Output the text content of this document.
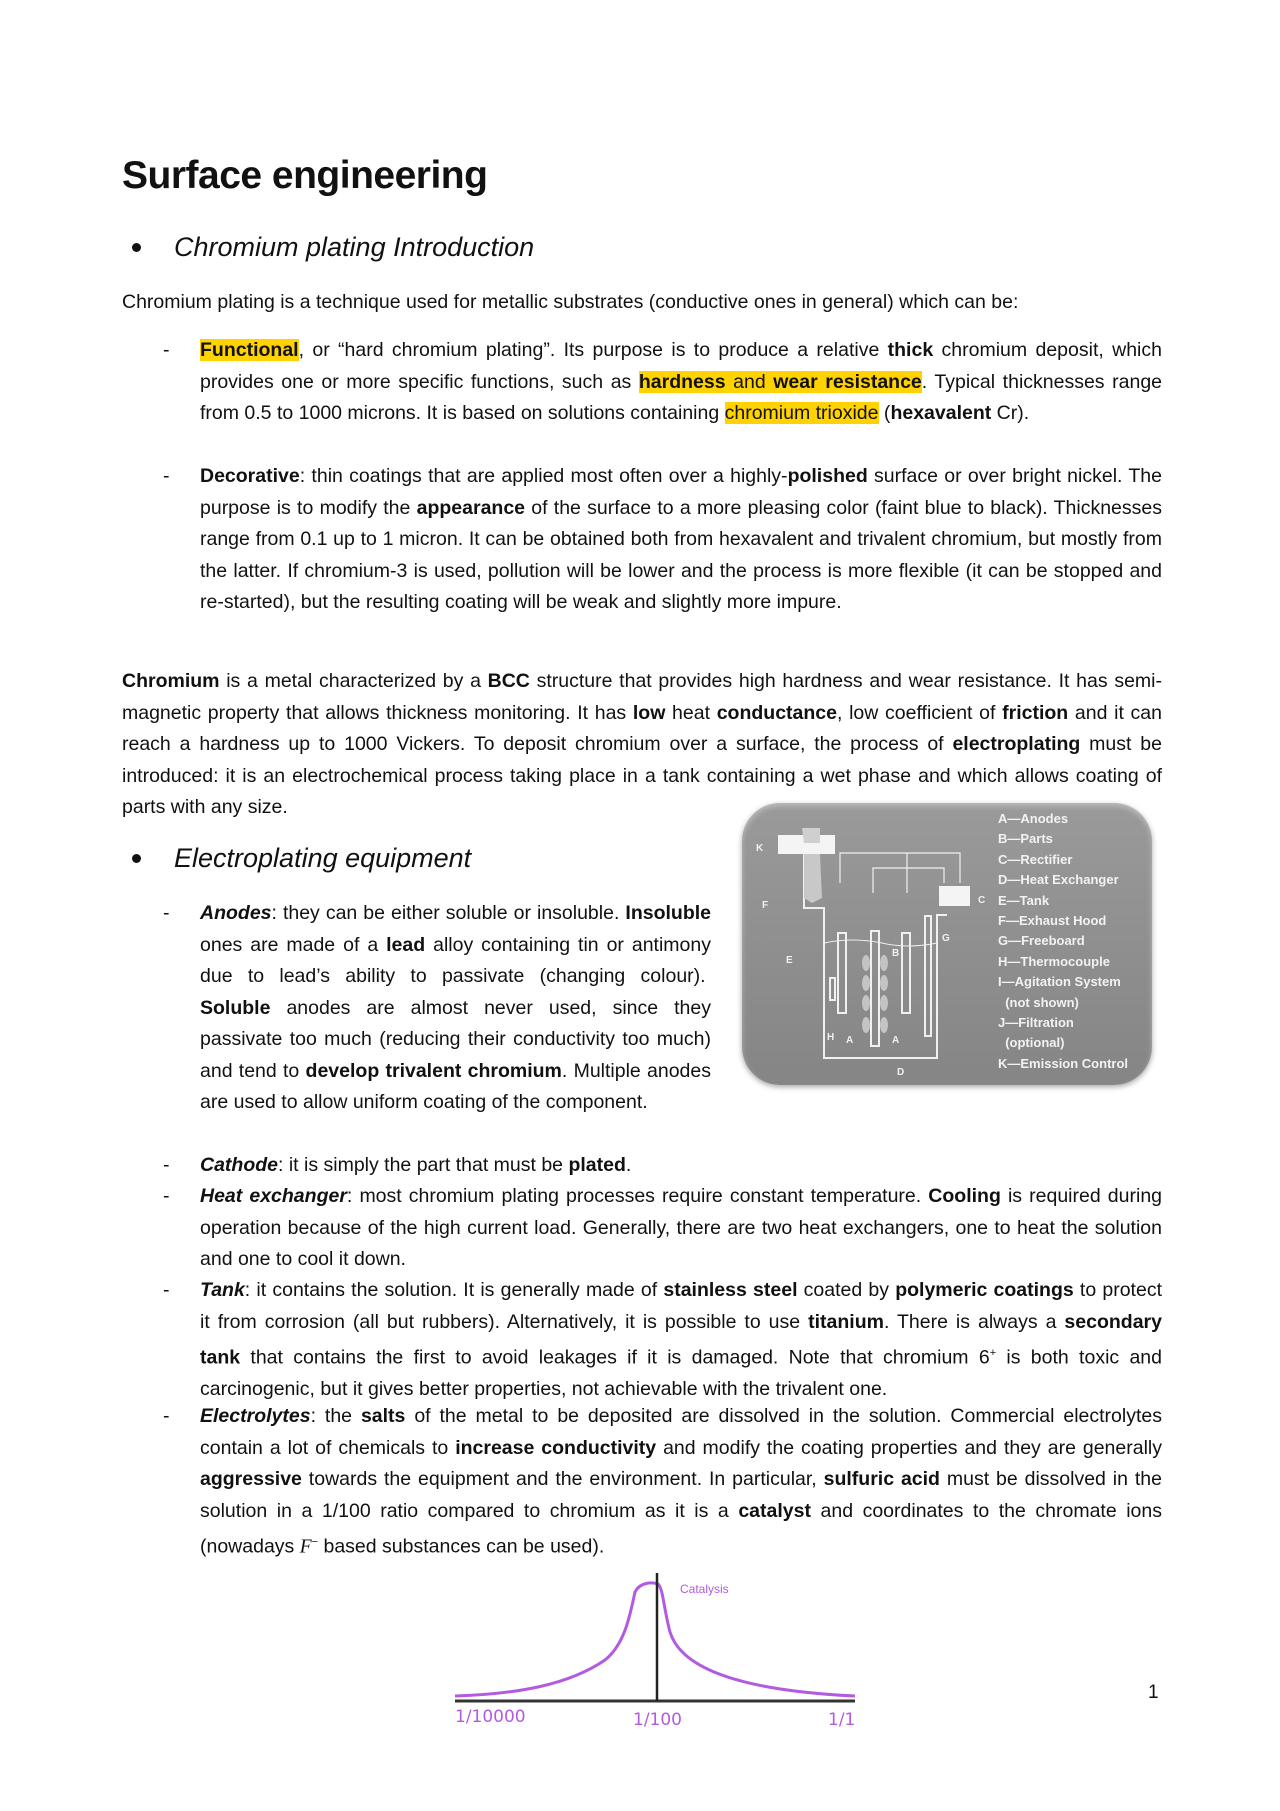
Surface engineering
Chromium plating Introduction
Chromium plating is a technique used for metallic substrates (conductive ones in general) which can be:
- Functional, or “hard chromium plating”. Its purpose is to produce a relative thick chromium deposit, which provides one or more specific functions, such as hardness and wear resistance. Typical thicknesses range from 0.5 to 1000 microns. It is based on solutions containing chromium trioxide (hexavalent Cr).
- Decorative: thin coatings that are applied most often over a highly-polished surface or over bright nickel. The purpose is to modify the appearance of the surface to a more pleasing color (faint blue to black). Thicknesses range from 0.1 up to 1 micron. It can be obtained both from hexavalent and trivalent chromium, but mostly from the latter. If chromium-3 is used, pollution will be lower and the process is more flexible (it can be stopped and re-started), but the resulting coating will be weak and slightly more impure.
Chromium is a metal characterized by a BCC structure that provides high hardness and wear resistance. It has semi-magnetic property that allows thickness monitoring. It has low heat conductance, low coefficient of friction and it can reach a hardness up to 1000 Vickers. To deposit chromium over a surface, the process of electroplating must be introduced: it is an electrochemical process taking place in a tank containing a wet phase and which allows coating of parts with any size.
Electroplating equipment
- Anodes: they can be either soluble or insoluble. Insoluble ones are made of a lead alloy containing tin or antimony due to lead’s ability to passivate (changing colour).  Soluble anodes are almost never used, since they passivate too much (reducing their conductivity too much) and tend to develop trivalent chromium. Multiple anodes are used to allow uniform coating of the component.
K
F
E
C
G
B
H A	A
D
A—Anodes
B—Parts
C—Rectifier
D—Heat Exchanger
E—Tank
F—Exhaust Hood
G—Freeboard
H—Thermocouple
I—Agitation System
(not shown)
J—Filtration
(optional)
K—Emission Control
- Cathode: it is simply the part that must be plated.
- Heat exchanger: most chromium plating processes require constant temperature. Cooling is required during operation because of the high current load. Generally, there are two heat exchangers, one to heat the solution and one to cool it down.
- Tank: it contains the solution. It is generally made of stainless steel coated by polymeric coatings to protect it from corrosion (all but rubbers). Alternatively, it is possible to use titanium. There is always a secondary tank that contains the first to avoid leakages if it is damaged. Note that chromium 6+ is both toxic and carcinogenic, but it gives better properties, not achievable with the trivalent one.
- Electrolytes: the salts of the metal to be deposited are dissolved in the solution. Commercial electrolytes contain a lot of chemicals to increase conductivity and modify the coating properties and they are generally aggressive towards the equipment and the environment. In particular, sulfuric acid must be dissolved in the solution in a 1/100 ratio compared to chromium as it is a catalyst and coordinates to the chromate ions (nowadays F− based substances can be used).
Catalysis
1/10000	1/100	1/1
1
